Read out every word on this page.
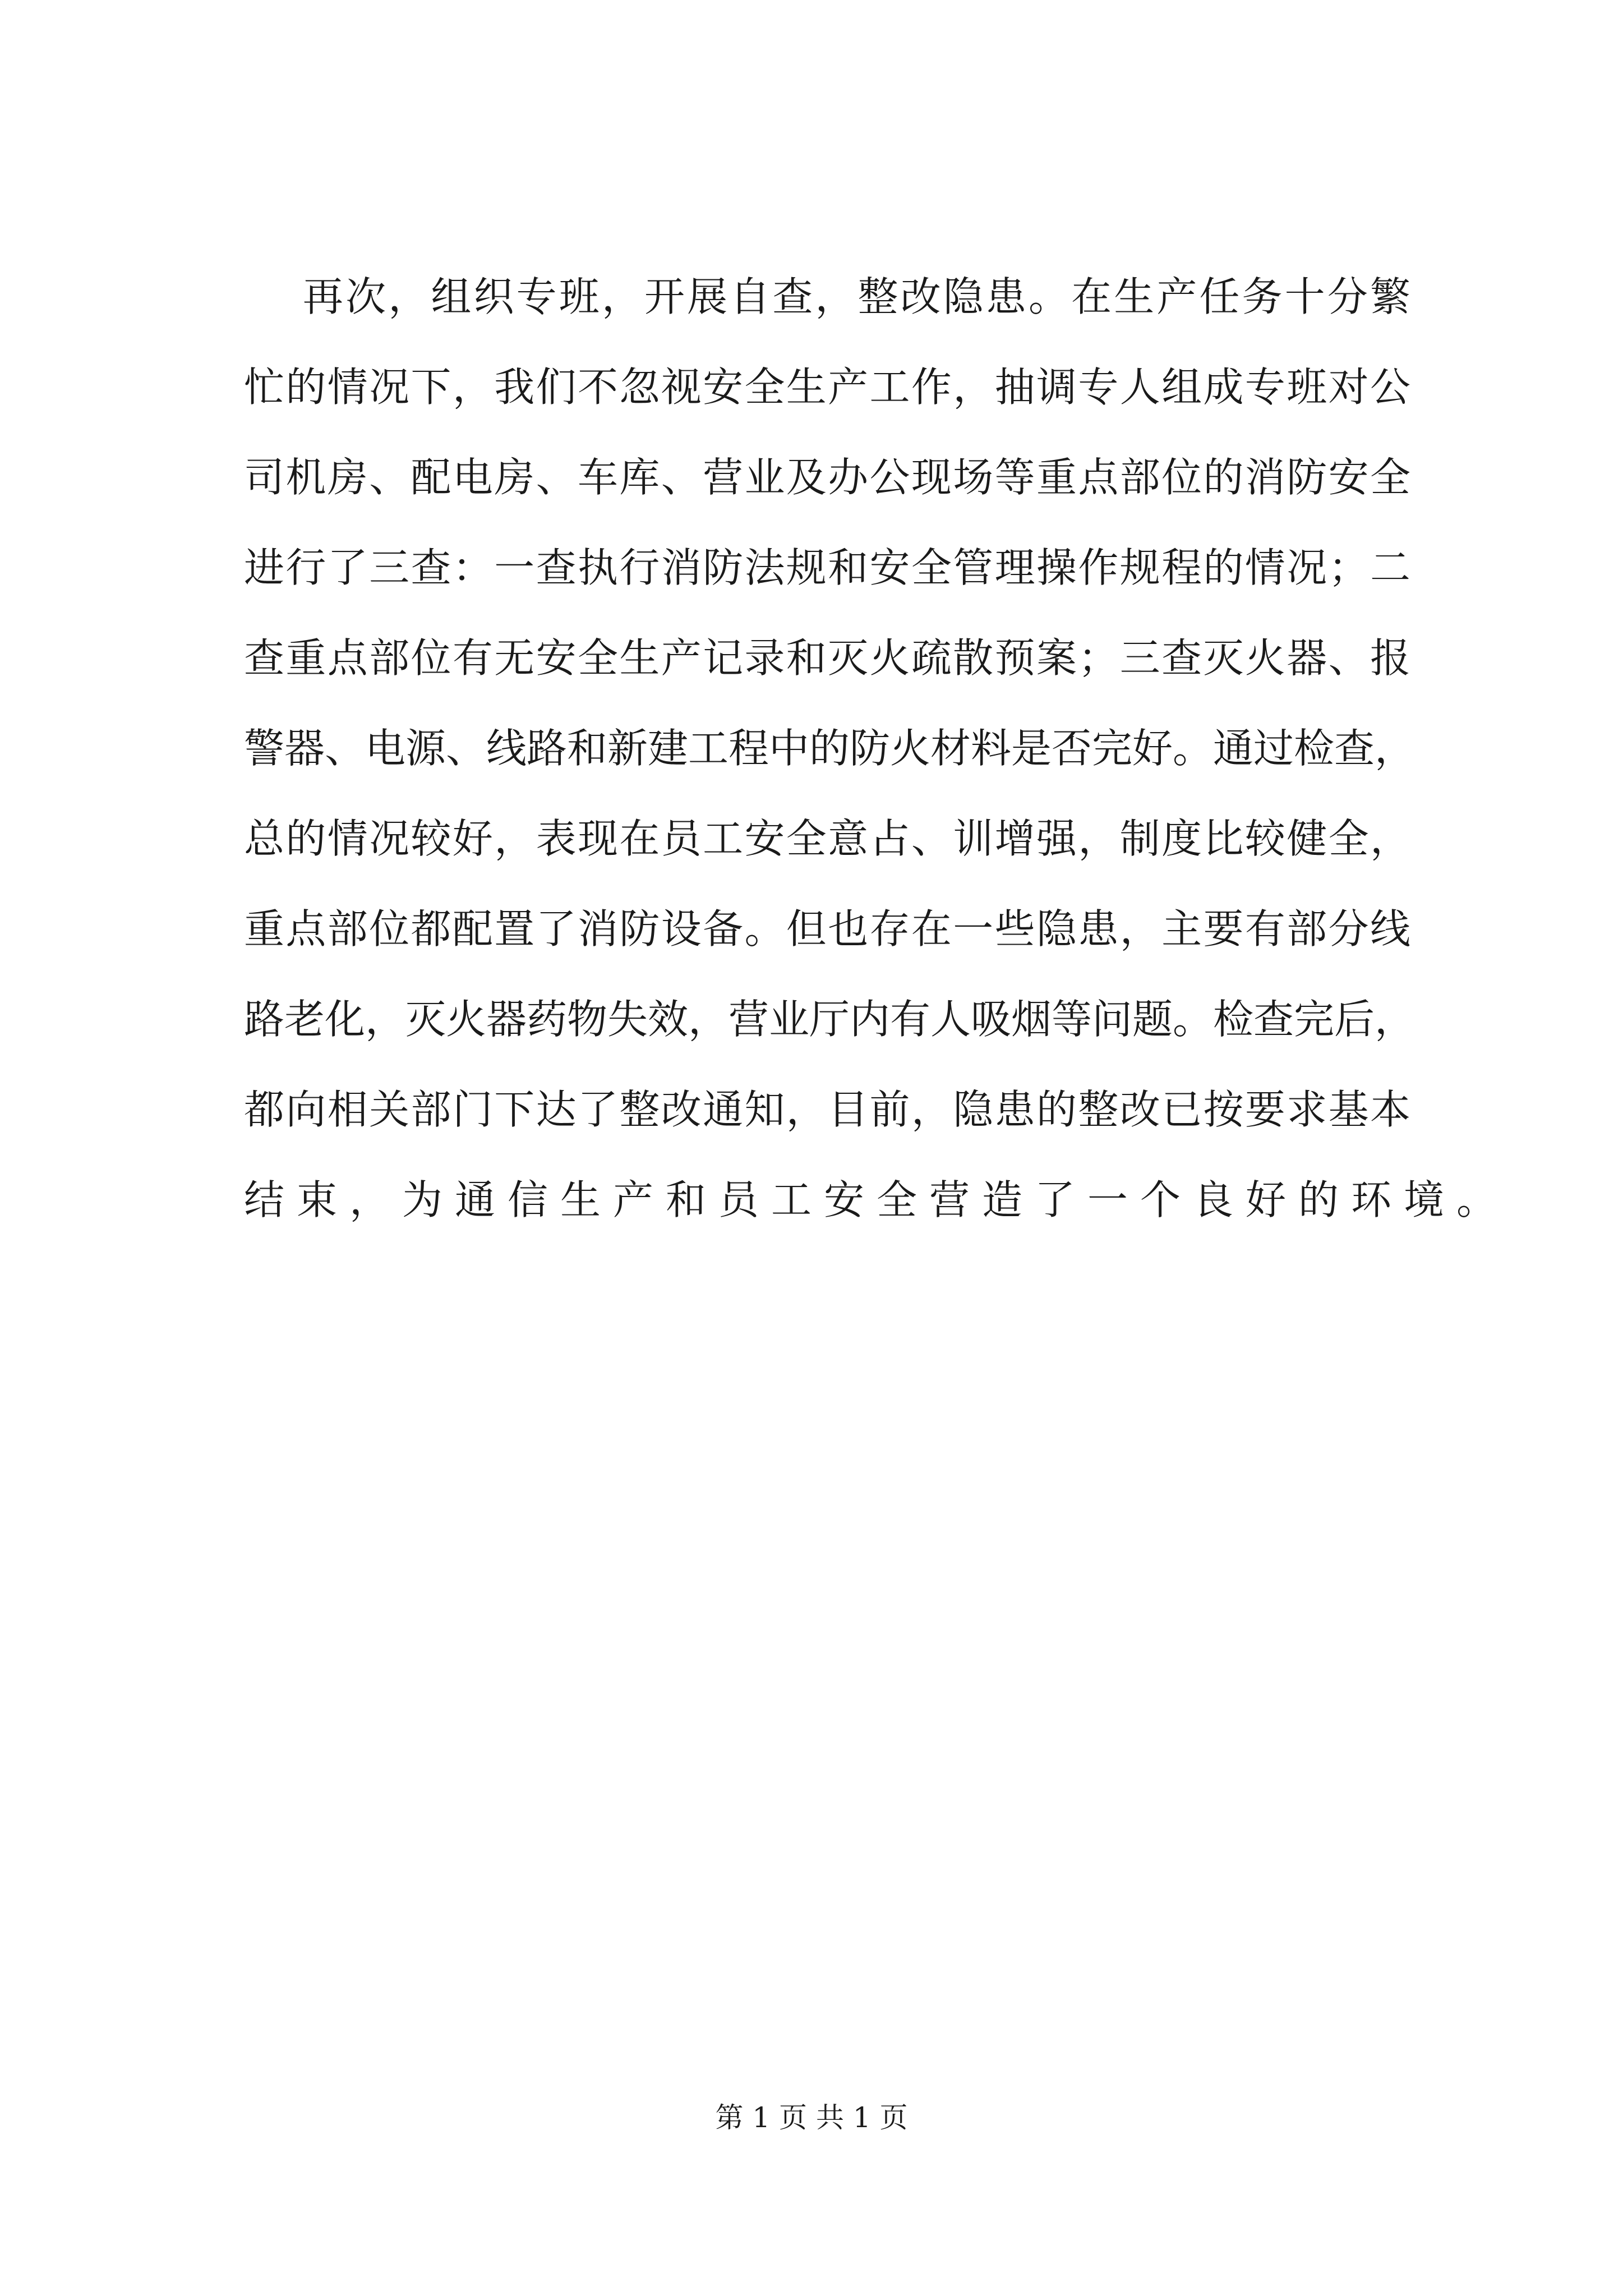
再次，组织专班，开展自查，整改隐患。在生产任务十分繁
忙的情况下，我们不忽视安全生产工作，抽调专人组成专班对公
司机房、配电房、车库、营业及办公现场等重点部位的消防安全
进行了三查：一查执行消防法规和安全管理操作规程的情况；二
查重点部位有无安全生产记录和灭火疏散预案；三查灭火器、报
警器、电源、线路和新建工程中的防火材料是否完好。通过检查，
总的情况较好，表现在员工安全意占、训增强，制度比较健全，
重点部位都配置了消防设备。但也存在一些隐患，主要有部分线
路老化，灭火器药物失效，营业厅内有人吸烟等问题。检查完后，
都向相关部门下达了整改通知，目前，隐患的整改已按要求基本
结束，为通信生产和员工安全营造了一个良好的环境。
第 1 页 共 1 页
